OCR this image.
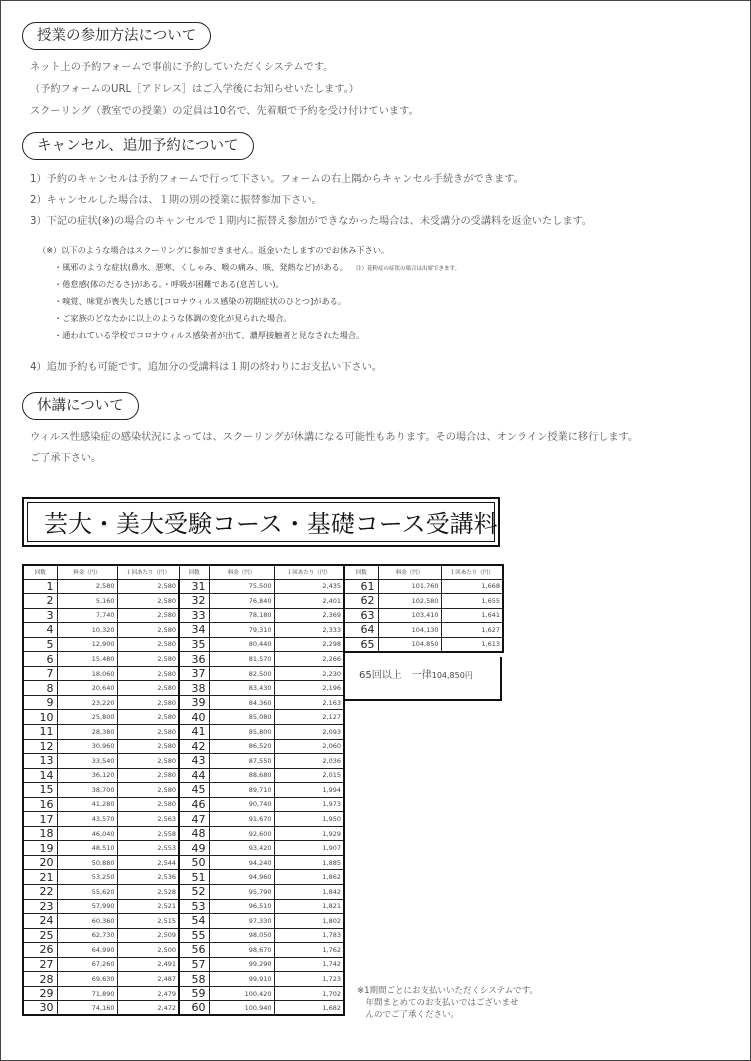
授業の参加方法について
ネット上の予約フォームで事前に予約していただくシステムです。
（予約フォームのURL［アドレス］はご入学後にお知らせいたします。）
スクーリング（教室での授業）の定員は10名で、先着順で予約を受け付けています。
キャンセル、追加予約について
1）予約のキャンセルは予約フォームで行って下さい。フォームの右上隅からキャンセル手続きができます。
2）キャンセルした場合は、１期の別の授業に振替参加下さい。
3）下記の症状(※)の場合のキャンセルで１期内に振替え参加ができなかった場合は、未受講分の受講料を返金いたします。
（※）以下のような場合はスクーリングに参加できません。返金いたしますのでお休み下さい。
・風邪のような症状(鼻水、悪寒、くしゃみ、喉の痛み、咳、発熱など)がある。 注）花粉症の症状の場合は出席できます。
・倦怠感(体のだるさ)がある。・呼吸が困難である(息苦しい)。
・嗅覚、味覚が喪失した感じ[コロナウィルス感染の初期症状のひとつ]がある。
・ご家族のどなたかに以上のような体調の変化が見られた場合。
・通われている学校でコロナウィルス感染者が出て、濃厚接触者と見なされた場合。
4）追加予約も可能です。追加分の受講料は１期の終わりにお支払い下さい。
休講について
ウィルス性感染症の感染状況によっては、スクーリングが休講になる可能性もあります。その場合は、オンライン授業に移行します。
ご了承下さい。
芸大・美大受験コース・基礎コース受講料
回数	料金（円）	１回あたり（円）	回数	料金（円）	１回あたり（円）
1	2,580	2,580	31	75,500	2,435
2	5,160	2,580	32	76,840	2,401
3	7,740	2,580	33	78,180	2,369
4	10,320	2,580	34	79,310	2,333
5	12,900	2,580	35	80,440	2,298
6	15,480	2,580	36	81,570	2,266
7	18,060	2,580	37	82,500	2,230
8	20,640	2,580	38	83,430	2,196
9	23,220	2,580	39	84,360	2,163
10	25,800	2,580	40	85,080	2,127
11	28,380	2,580	41	85,800	2,093
12	30,960	2,580	42	86,520	2,060
13	33,540	2,580	43	87,550	2,036
14	36,120	2,580	44	88,680	2,015
15	38,700	2,580	45	89,710	1,994
16	41,280	2,580	46	90,740	1,973
17	43,570	2,563	47	91,670	1,950
18	46,040	2,558	48	92,600	1,929
19	48,510	2,553	49	93,420	1,907
20	50,880	2,544	50	94,240	1,885
21	53,250	2,536	51	94,960	1,862
22	55,620	2,528	52	95,790	1,842
23	57,990	2,521	53	96,510	1,821
24	60,360	2,515	54	97,330	1,802
25	62,730	2,509	55	98,050	1,783
26	64,990	2,500	56	98,670	1,762
27	67,260	2,491	57	99,290	1,742
28	69,630	2,487	58	99,910	1,723
29	71,890	2,479	59	100,420	1,702
30	74,160	2,472	60	100,940	1,682
回数	料金（円）	１回あたり（円）
61	101,760	1,668
62	102,580	1,655
63	103,410	1,641
64	104,130	1,627
65	104,850	1,613
65回以上　一律104,850円
※1期間ごとにお支払いいただくシステムです。
　年間まとめてのお支払いではございませ
　んのでご了承ください。
